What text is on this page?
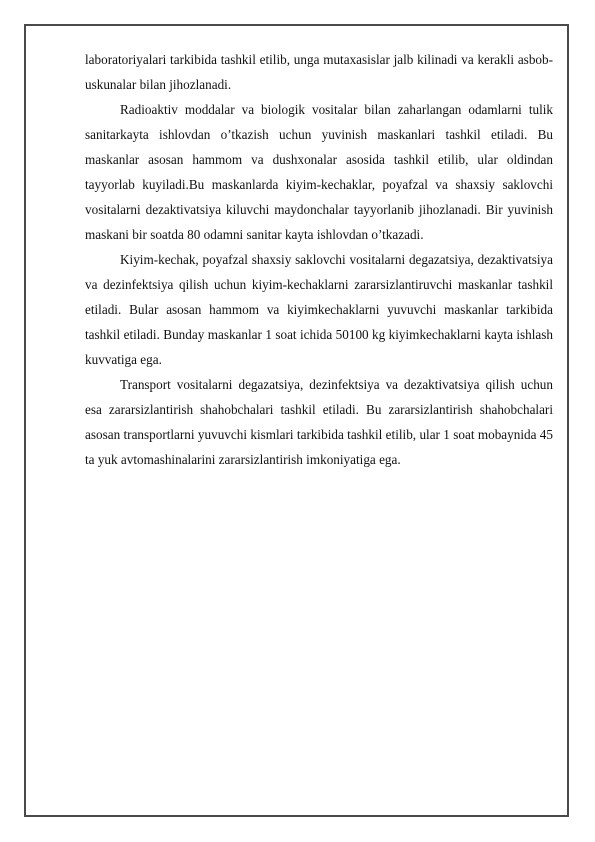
laboratoriyalari tarkibida tashkil etilib, unga mutaxasislar jalb kilinadi va kerakli asbob-uskunalar bilan jihozlanadi.

Radioaktiv moddalar va biologik vositalar bilan zaharlangan odamlarni tulik sanitarkayta ishlovdan o’tkazish uchun yuvinish maskanlari tashkil etiladi. Bu maskanlar asosan hammom va dushxonalar asosida tashkil etilib, ular oldindan tayyorlab kuyiladi.Bu maskanlarda kiyim-kechaklar, poyafzal va shaxsiy saklovchi vositalarni dezaktivatsiya kiluvchi maydonchalar tayyorlanib jihozlanadi. Bir yuvinish maskani bir soatda 80 odamni sanitar kayta ishlovdan o’tkazadi.

Kiyim-kechak, poyafzal shaxsiy saklovchi vositalarni degazatsiya, dezaktivatsiya va dezinfektsiya qilish uchun kiyim-kechaklarni zararsizlantiruvchi maskanlar tashkil etiladi. Bular asosan hammom va kiyimkechaklarni yuvuvchi maskanlar tarkibida tashkil etiladi. Bunday maskanlar 1 soat ichida 50100 kg kiyimkechaklarni kayta ishlash kuvvatiga ega.

Transport vositalarni degazatsiya, dezinfektsiya va dezaktivatsiya qilish uchun esa zararsizlantirish shahobchalari tashkil etiladi. Bu zararsizlantirish shahobchalari asosan transportlarni yuvuvchi kismlari tarkibida tashkil etilib, ular 1 soat mobaynida 45 ta yuk avtomashinalarini zararsizlantirish imkoniyatiga ega.
